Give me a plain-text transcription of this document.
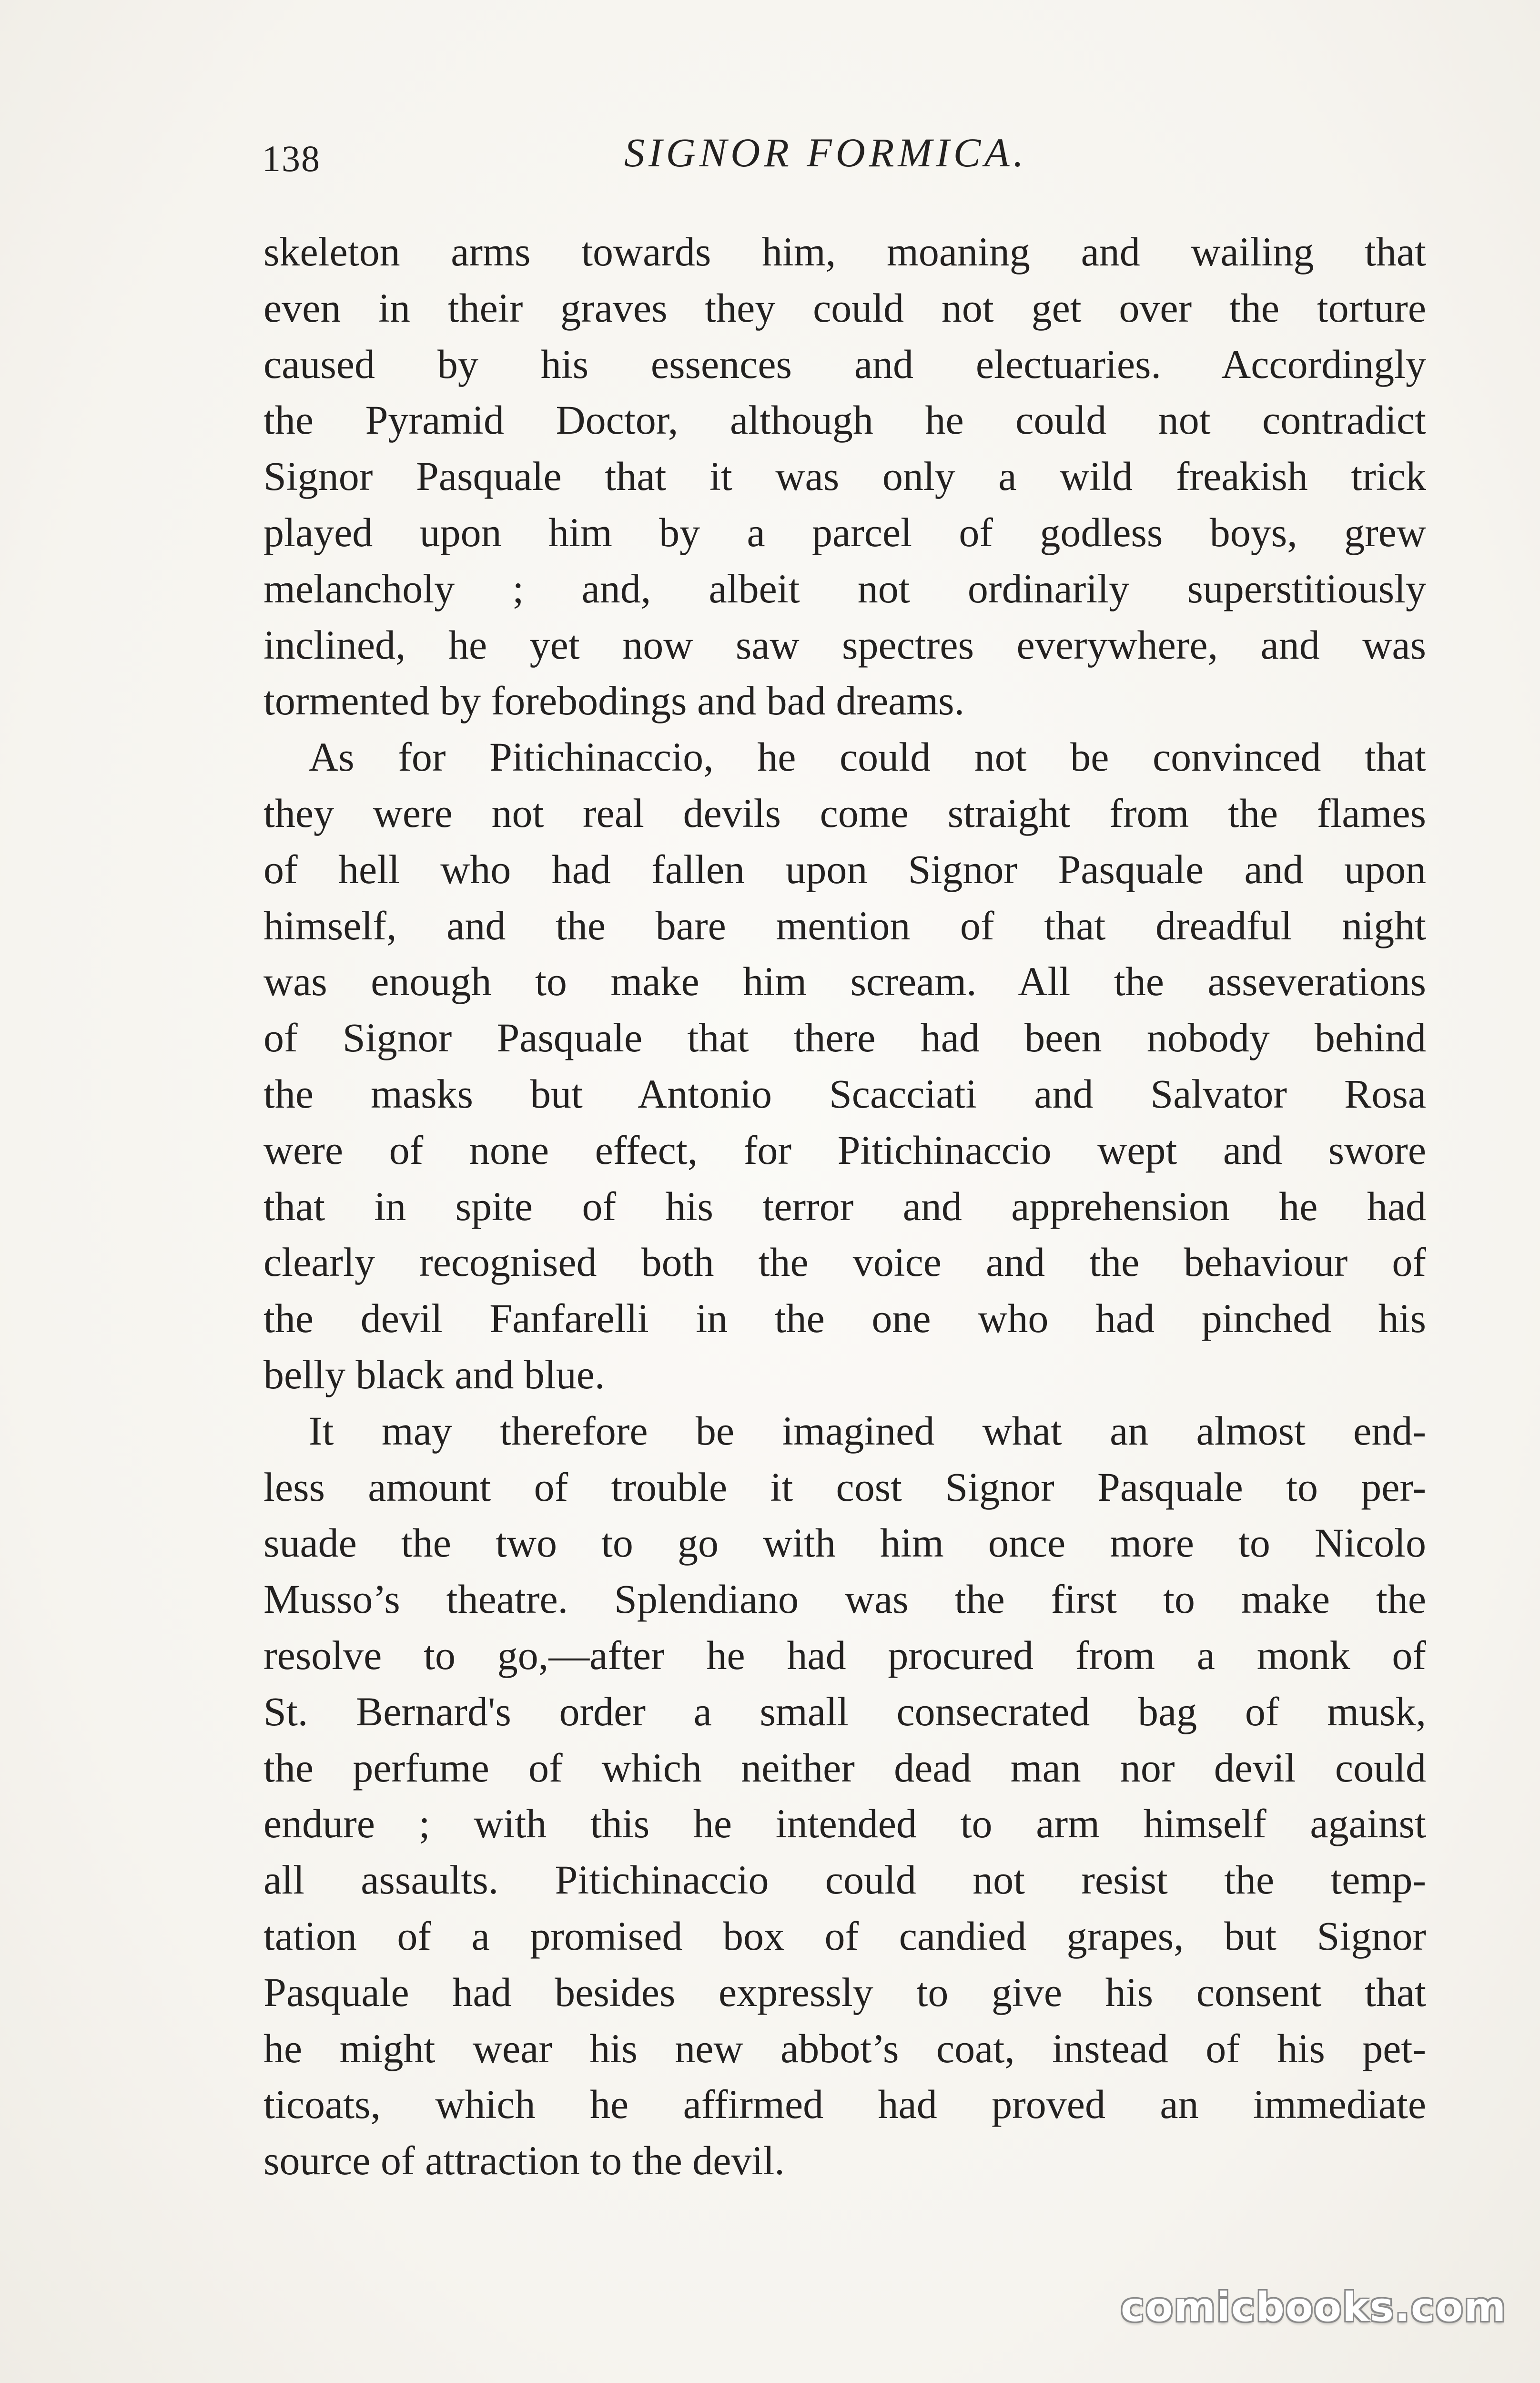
138	SIGNOR FORMICA.
skeleton arms towards him, moaning and wailing that
even in their graves they could not get over the torture
caused by his essences and electuaries. Accordingly
the Pyramid Doctor, although he could not contradict
Signor Pasquale that it was only a wild freakish trick
played upon him by a parcel of godless boys, grew
melancholy ; and, albeit not ordinarily superstitiously
inclined, he yet now saw spectres everywhere, and was
tormented by forebodings and bad dreams.
As for Pitichinaccio, he could not be convinced that
they were not real devils come straight from the flames
of hell who had fallen upon Signor Pasquale and upon
himself, and the bare mention of that dreadful night
was enough to make him scream. All the asseverations
of Signor Pasquale that there had been nobody behind
the masks but Antonio Scacciati and Salvator Rosa
were of none effect, for Pitichinaccio wept and swore
that in spite of his terror and apprehension he had
clearly recognised both the voice and the behaviour of
the devil Fanfarelli in the one who had pinched his
belly black and blue.
It may therefore be imagined what an almost end-
less amount of trouble it cost Signor Pasquale to per-
suade the two to go with him once more to Nicolo
Musso’s theatre. Splendiano was the first to make the
resolve to go,—after he had procured from a monk of
St. Bernard's order a small consecrated bag of musk,
the perfume of which neither dead man nor devil could
endure ; with this he intended to arm himself against
all assaults. Pitichinaccio could not resist the temp-
tation of a promised box of candied grapes, but Signor
Pasquale had besides expressly to give his consent that
he might wear his new abbot’s coat, instead of his pet-
ticoats, which he affirmed had proved an immediate
source of attraction to the devil.
comicbooks.com
